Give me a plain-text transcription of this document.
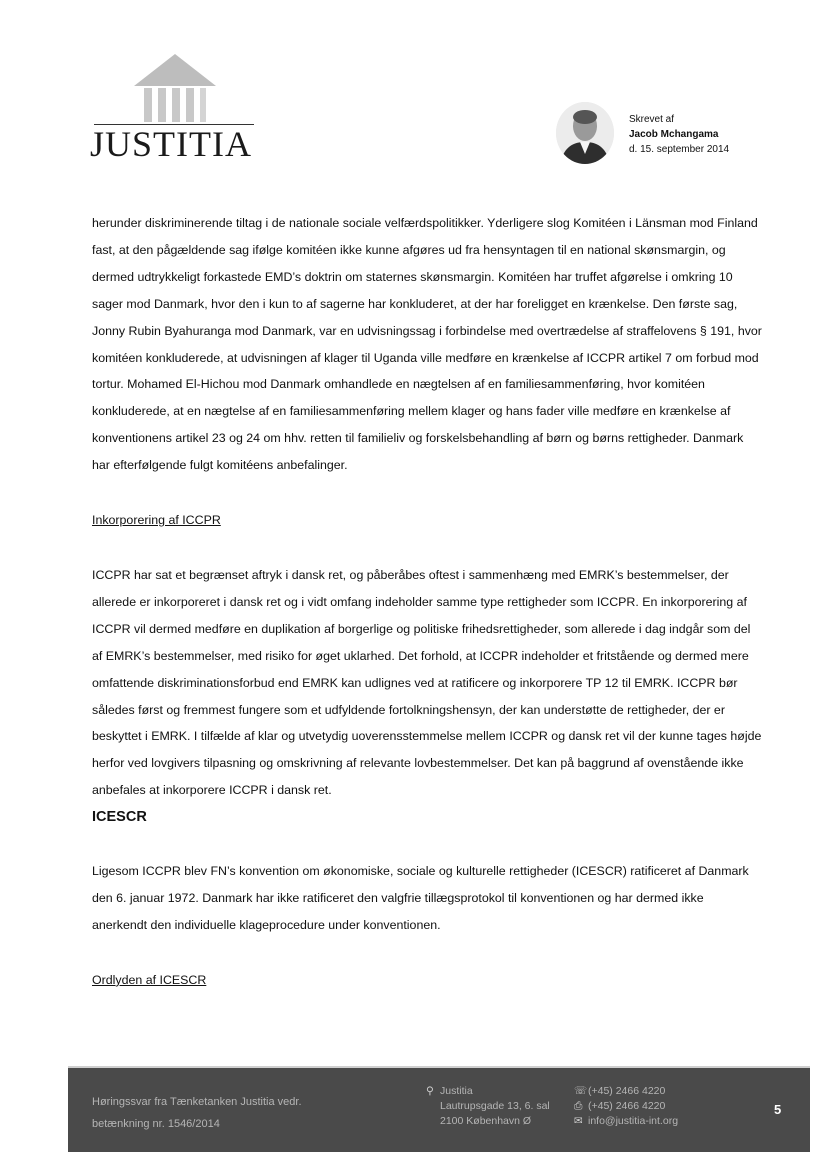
JUSTITIA
Skrevet af
Jacob Mchangama
d. 15. september 2014

herunder diskriminerende tiltag i de nationale sociale velfærdspolitikker. Yderligere slog Komitéen i Länsman mod Finland fast, at den pågældende sag ifølge komitéen ikke kunne afgøres ud fra hensyntagen til en national skønsmargin, og dermed udtrykkeligt forkastede EMD’s doktrin om staternes skønsmargin. Komitéen har truffet afgørelse i omkring 10 sager mod Danmark, hvor den i kun to af sagerne har konkluderet, at der har foreligget en krænkelse. Den første sag, Jonny Rubin Byahuranga mod Danmark, var en udvisningssag i forbindelse med overtrædelse af straffelovens § 191, hvor komitéen konkluderede, at udvisningen af klager til Uganda ville medføre en krænkelse af ICCPR artikel 7 om forbud mod tortur. Mohamed El-Hichou mod Danmark omhandlede en nægtelsen af en familiesammenføring, hvor komitéen konkluderede, at en nægtelse af en familiesammenføring mellem klager og hans fader ville medføre en krænkelse af konventionens artikel 23 og 24 om hhv. retten til familieliv og forskelsbehandling af børn og børns rettigheder. Danmark har efterfølgende fulgt komitéens anbefalinger.

Inkorporering af ICCPR

ICCPR har sat et begrænset aftryk i dansk ret, og påberåbes oftest i sammenhæng med EMRK’s bestemmelser, der allerede er inkorporeret i dansk ret og i vidt omfang indeholder samme type rettigheder som ICCPR. En inkorporering af ICCPR vil dermed medføre en duplikation af borgerlige og politiske frihedsrettigheder, som allerede i dag indgår som del af EMRK’s bestemmelser, med risiko for øget uklarhed. Det forhold, at ICCPR indeholder et fritstående og dermed mere omfattende diskriminationsforbud end EMRK kan udlignes ved at ratificere og inkorporere TP 12 til EMRK. ICCPR bør således først og fremmest fungere som et udfyldende fortolkningshensyn, der kan understøtte de rettigheder, der er beskyttet i EMRK. I tilfælde af klar og utvetydig uoverensstemmelse mellem ICCPR og dansk ret vil der kunne tages højde herfor ved lovgivers tilpasning og omskrivning af relevante lovbestemmelser. Det kan på baggrund af ovenstående ikke anbefales at inkorporere ICCPR i dansk ret.

ICESCR

Ligesom ICCPR blev FN’s konvention om økonomiske, sociale og kulturelle rettigheder (ICESCR) ratificeret af Danmark den 6. januar 1972. Danmark har ikke ratificeret den valgfrie tillægsprotokol til konventionen og har dermed ikke anerkendt den individuelle klageprocedure under konventionen.

Ordlyden af ICESCR

Høringssvar fra Tænketanken Justitia vedr.
betænkning nr. 1546/2014
⚲ Justitia
Lautrupsgade 13, 6. sal
2100 København Ø
☏(+45) 2466 4220
⎙ (+45) 2466 4220
✉ info@justitia-int.org
5
